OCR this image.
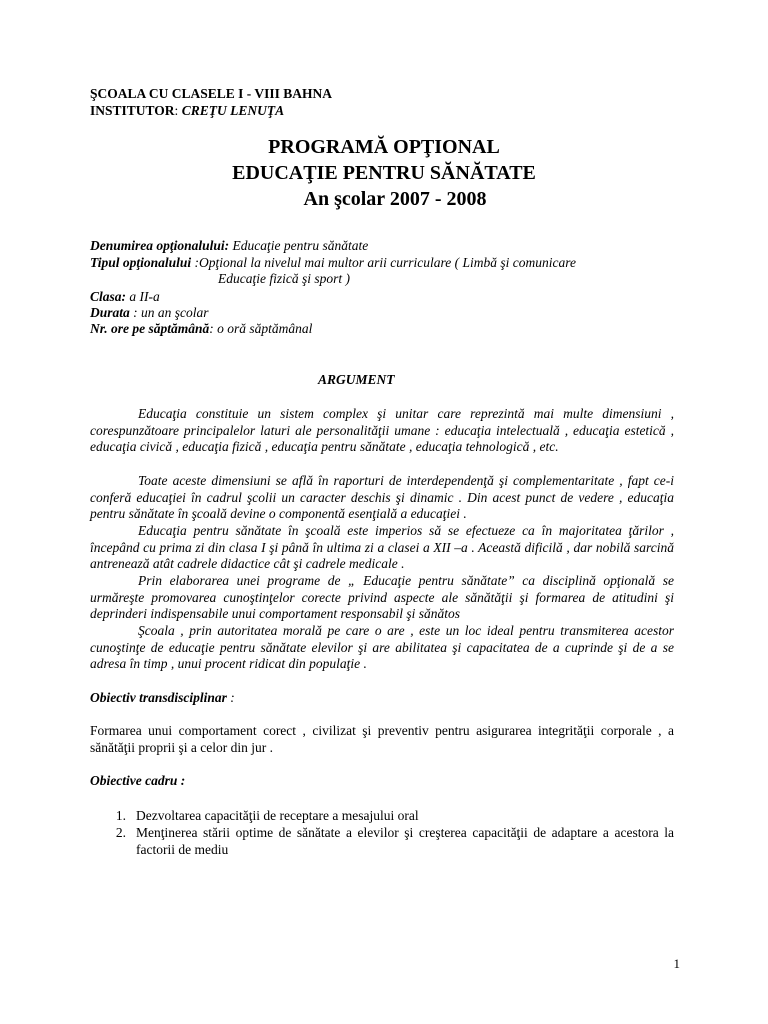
ŞCOALA CU CLASELE I - VIII BAHNA
INSTITUTOR: CREŢU LENUŢA
PROGRAMĂ OPŢIONAL
EDUCAŢIE PENTRU SĂNĂTATE
An şcolar 2007 - 2008
Denumirea opţionalului: Educaţie pentru sănătate
Tipul opţionalului :Opţional la nivelul mai multor arii curriculare ( Limbă şi comunicare
Educaţie fizică şi sport )
Clasa: a II-a
Durata : un an şcolar
Nr. ore pe săptămână: o oră săptămânal
ARGUMENT
Educaţia constituie un sistem complex şi unitar care reprezintă mai multe dimensiuni , corespunzătoare principalelor laturi ale personalităţii umane : educaţia intelectuală , educaţia estetică , educaţia civică , educaţia fizică , educaţia pentru sănătate , educaţia tehnologică , etc.
Toate aceste dimensiuni se află în raporturi de interdependenţă şi complementaritate , fapt ce-i conferă educaţiei în cadrul şcolii un caracter deschis şi dinamic . Din acest punct de vedere , educaţia pentru sănătate în şcoală devine o componentă esenţială a educaţiei .
Educaţia pentru sănătate în şcoală este imperios să se efectueze ca în majoritatea ţărilor , începând cu prima zi din clasa I şi până în ultima zi a clasei a XII –a . Această dificilă , dar nobilă sarcină antrenează atât cadrele didactice cât şi cadrele medicale .
Prin elaborarea unei programe de „ Educaţie pentru sănătate” ca disciplină opţională se urmăreşte promovarea cunoştinţelor corecte privind aspecte ale sănătăţii şi formarea de atitudini şi deprinderi indispensabile unui comportament responsabil şi sănătos
Şcoala , prin autoritatea morală pe care o are , este un loc ideal pentru transmiterea acestor cunoştinţe de educaţie pentru sănătate elevilor şi are abilitatea şi capacitatea de a cuprinde şi de a se adresa în timp , unui procent ridicat din populaţie .
Obiectiv transdisciplinar :
Formarea unui comportament corect , civilizat şi preventiv pentru asigurarea integrităţii corporale , a sănătăţii proprii şi a celor din jur .
Obiective cadru :
1. Dezvoltarea capacităţii de receptare a mesajului oral
2. Menţinerea stării optime de sănătate a elevilor şi creşterea capacităţii de adaptare a acestora la factorii de mediu
1
